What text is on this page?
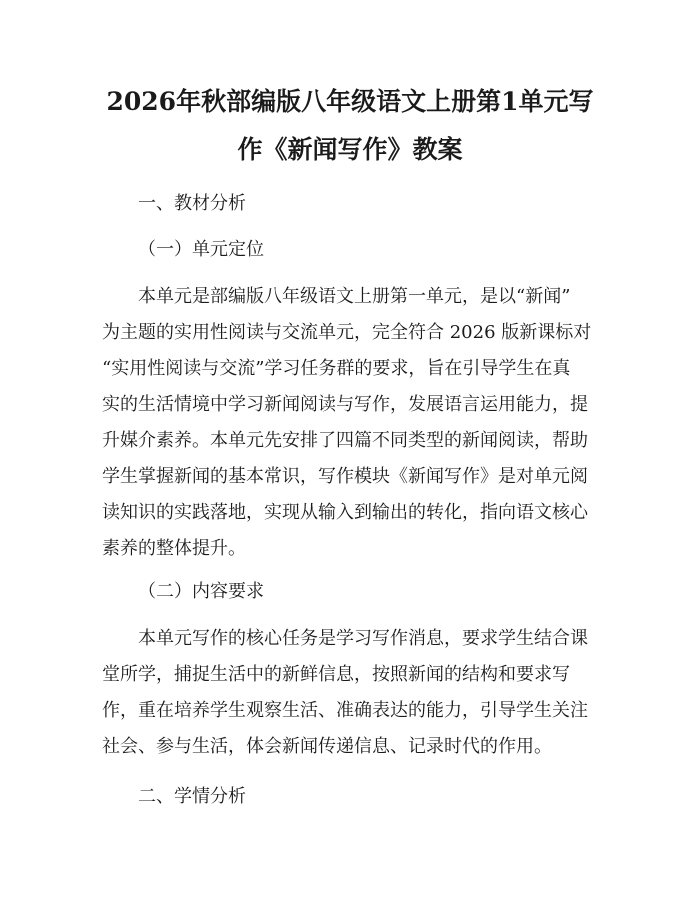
2026年秋部编版八年级语文上册第1单元写
作《新闻写作》教案
一、教材分析
（一）单元定位
本单元是部编版八年级语文上册第一单元，是以“新闻”
为主题的实用性阅读与交流单元，完全符合 2026 版新课标对
“实用性阅读与交流”学习任务群的要求，旨在引导学生在真
实的生活情境中学习新闻阅读与写作，发展语言运用能力，提
升媒介素养。本单元先安排了四篇不同类型的新闻阅读，帮助
学生掌握新闻的基本常识，写作模块《新闻写作》是对单元阅
读知识的实践落地，实现从输入到输出的转化，指向语文核心
素养的整体提升。
（二）内容要求
本单元写作的核心任务是学习写作消息，要求学生结合课
堂所学，捕捉生活中的新鲜信息，按照新闻的结构和要求写
作，重在培养学生观察生活、准确表达的能力，引导学生关注
社会、参与生活，体会新闻传递信息、记录时代的作用。
二、学情分析
